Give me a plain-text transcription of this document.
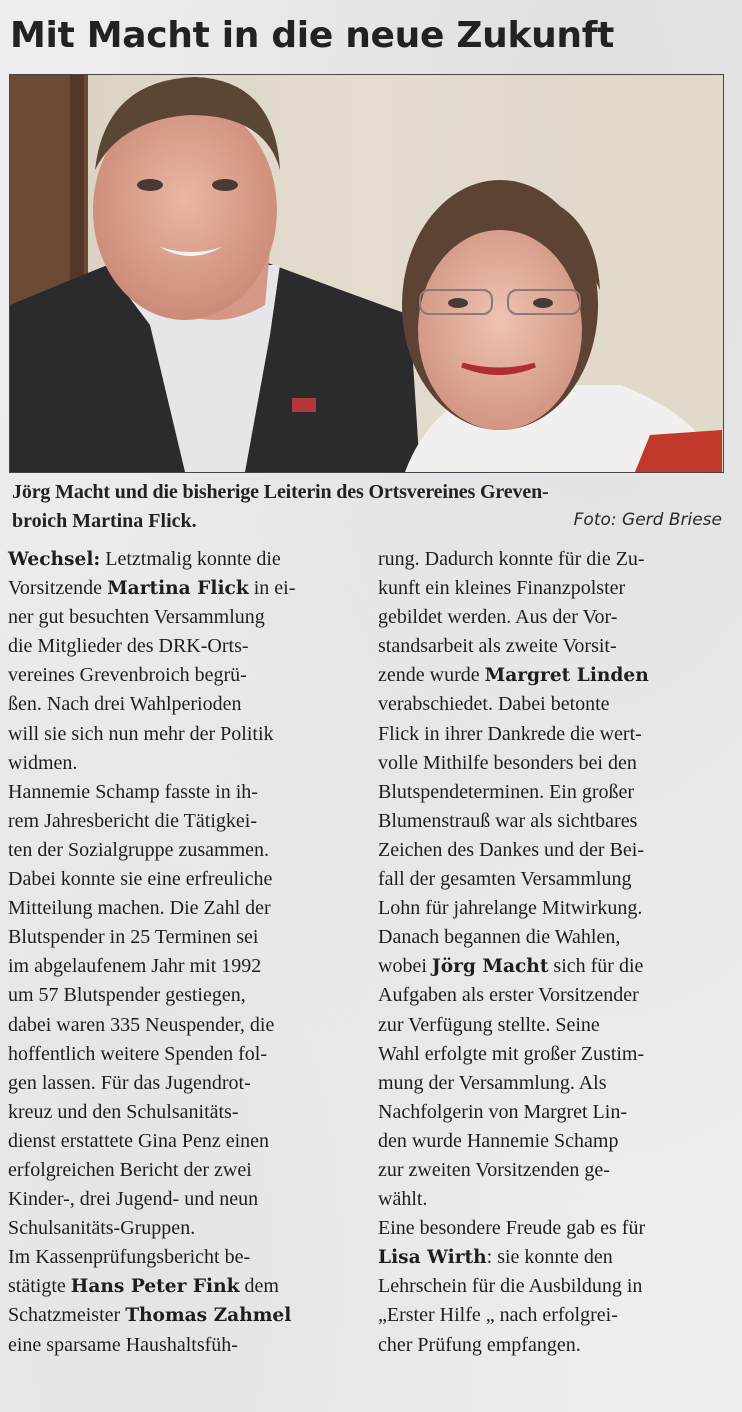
Mit Macht in die neue Zukunft
Jörg Macht und die bisherige Leiterin des Ortsvereines Greven-
broich Martina Flick.	Foto: Gerd Briese
Wechsel: Letztmalig konnte die
Vorsitzende Martina Flick in ei-
ner gut besuchten Versammlung
die Mitglieder des DRK-Orts-
vereines Grevenbroich begrü-
ßen. Nach drei Wahlperioden
will sie sich nun mehr der Politik
widmen.
Hannemie Schamp fasste in ih-
rem Jahresbericht die Tätigkei-
ten der Sozialgruppe zusammen.
Dabei konnte sie eine erfreuliche
Mitteilung machen. Die Zahl der
Blutspender in 25 Terminen sei
im abgelaufenem Jahr mit 1992
um 57 Blutspender gestiegen,
dabei waren 335 Neuspender, die
hoffentlich weitere Spenden fol-
gen lassen. Für das Jugendrot-
kreuz und den Schulsanitäts-
dienst erstattete Gina Penz einen
erfolgreichen Bericht der zwei
Kinder-, drei Jugend- und neun
Schulsanitäts-Gruppen.
Im Kassenprüfungsbericht be-
stätigte Hans Peter Fink dem
Schatzmeister Thomas Zahmel
eine sparsame Haushaltsfüh-
rung. Dadurch konnte für die Zu-
kunft ein kleines Finanzpolster
gebildet werden. Aus der Vor-
standsarbeit als zweite Vorsit-
zende wurde Margret Linden
verabschiedet. Dabei betonte
Flick in ihrer Dankrede die wert-
volle Mithilfe besonders bei den
Blutspendeterminen. Ein großer
Blumenstrauß war als sichtbares
Zeichen des Dankes und der Bei-
fall der gesamten Versammlung
Lohn für jahrelange Mitwirkung.
Danach begannen die Wahlen,
wobei Jörg Macht sich für die
Aufgaben als erster Vorsitzender
zur Verfügung stellte. Seine
Wahl erfolgte mit großer Zustim-
mung der Versammlung. Als
Nachfolgerin von Margret Lin-
den wurde Hannemie Schamp
zur zweiten Vorsitzenden ge-
wählt.
Eine besondere Freude gab es für
Lisa Wirth: sie konnte den
Lehrschein für die Ausbildung in
„Erster Hilfe „ nach erfolgrei-
cher Prüfung empfangen.
